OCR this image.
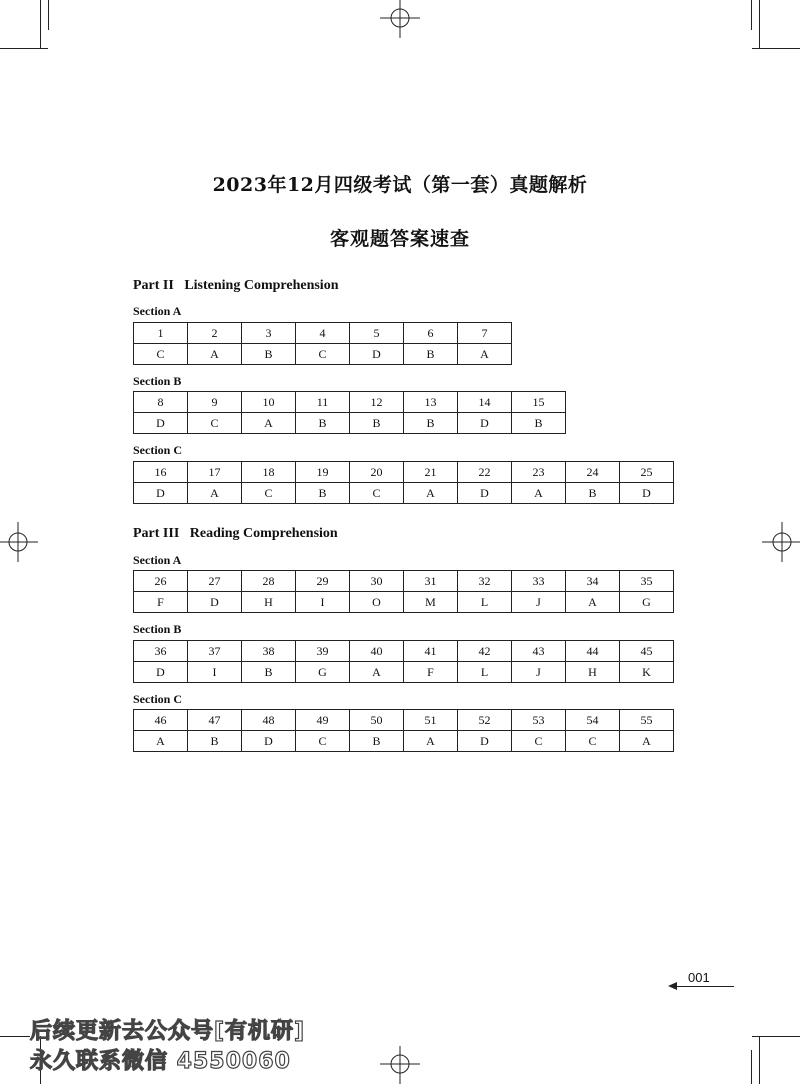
2023年12月四级考试（第一套）真题解析
客观题答案速查
Part II   Listening Comprehension
Section A
1	2	3	4	5	6	7
C	A	B	C	D	B	A
Section B
8	9	10	11	12	13	14	15
D	C	A	B	B	B	D	B
Section C
16	17	18	19	20	21	22	23	24	25
D	A	C	B	C	A	D	A	B	D
Part III   Reading Comprehension
Section A
26	27	28	29	30	31	32	33	34	35
F	D	H	I	O	M	L	J	A	G
Section B
36	37	38	39	40	41	42	43	44	45
D	I	B	G	A	F	L	J	H	K
Section C
46	47	48	49	50	51	52	53	54	55
A	B	D	C	B	A	D	C	C	A
001
后续更新去公众号[有机研]
永久联系微信 4550060
